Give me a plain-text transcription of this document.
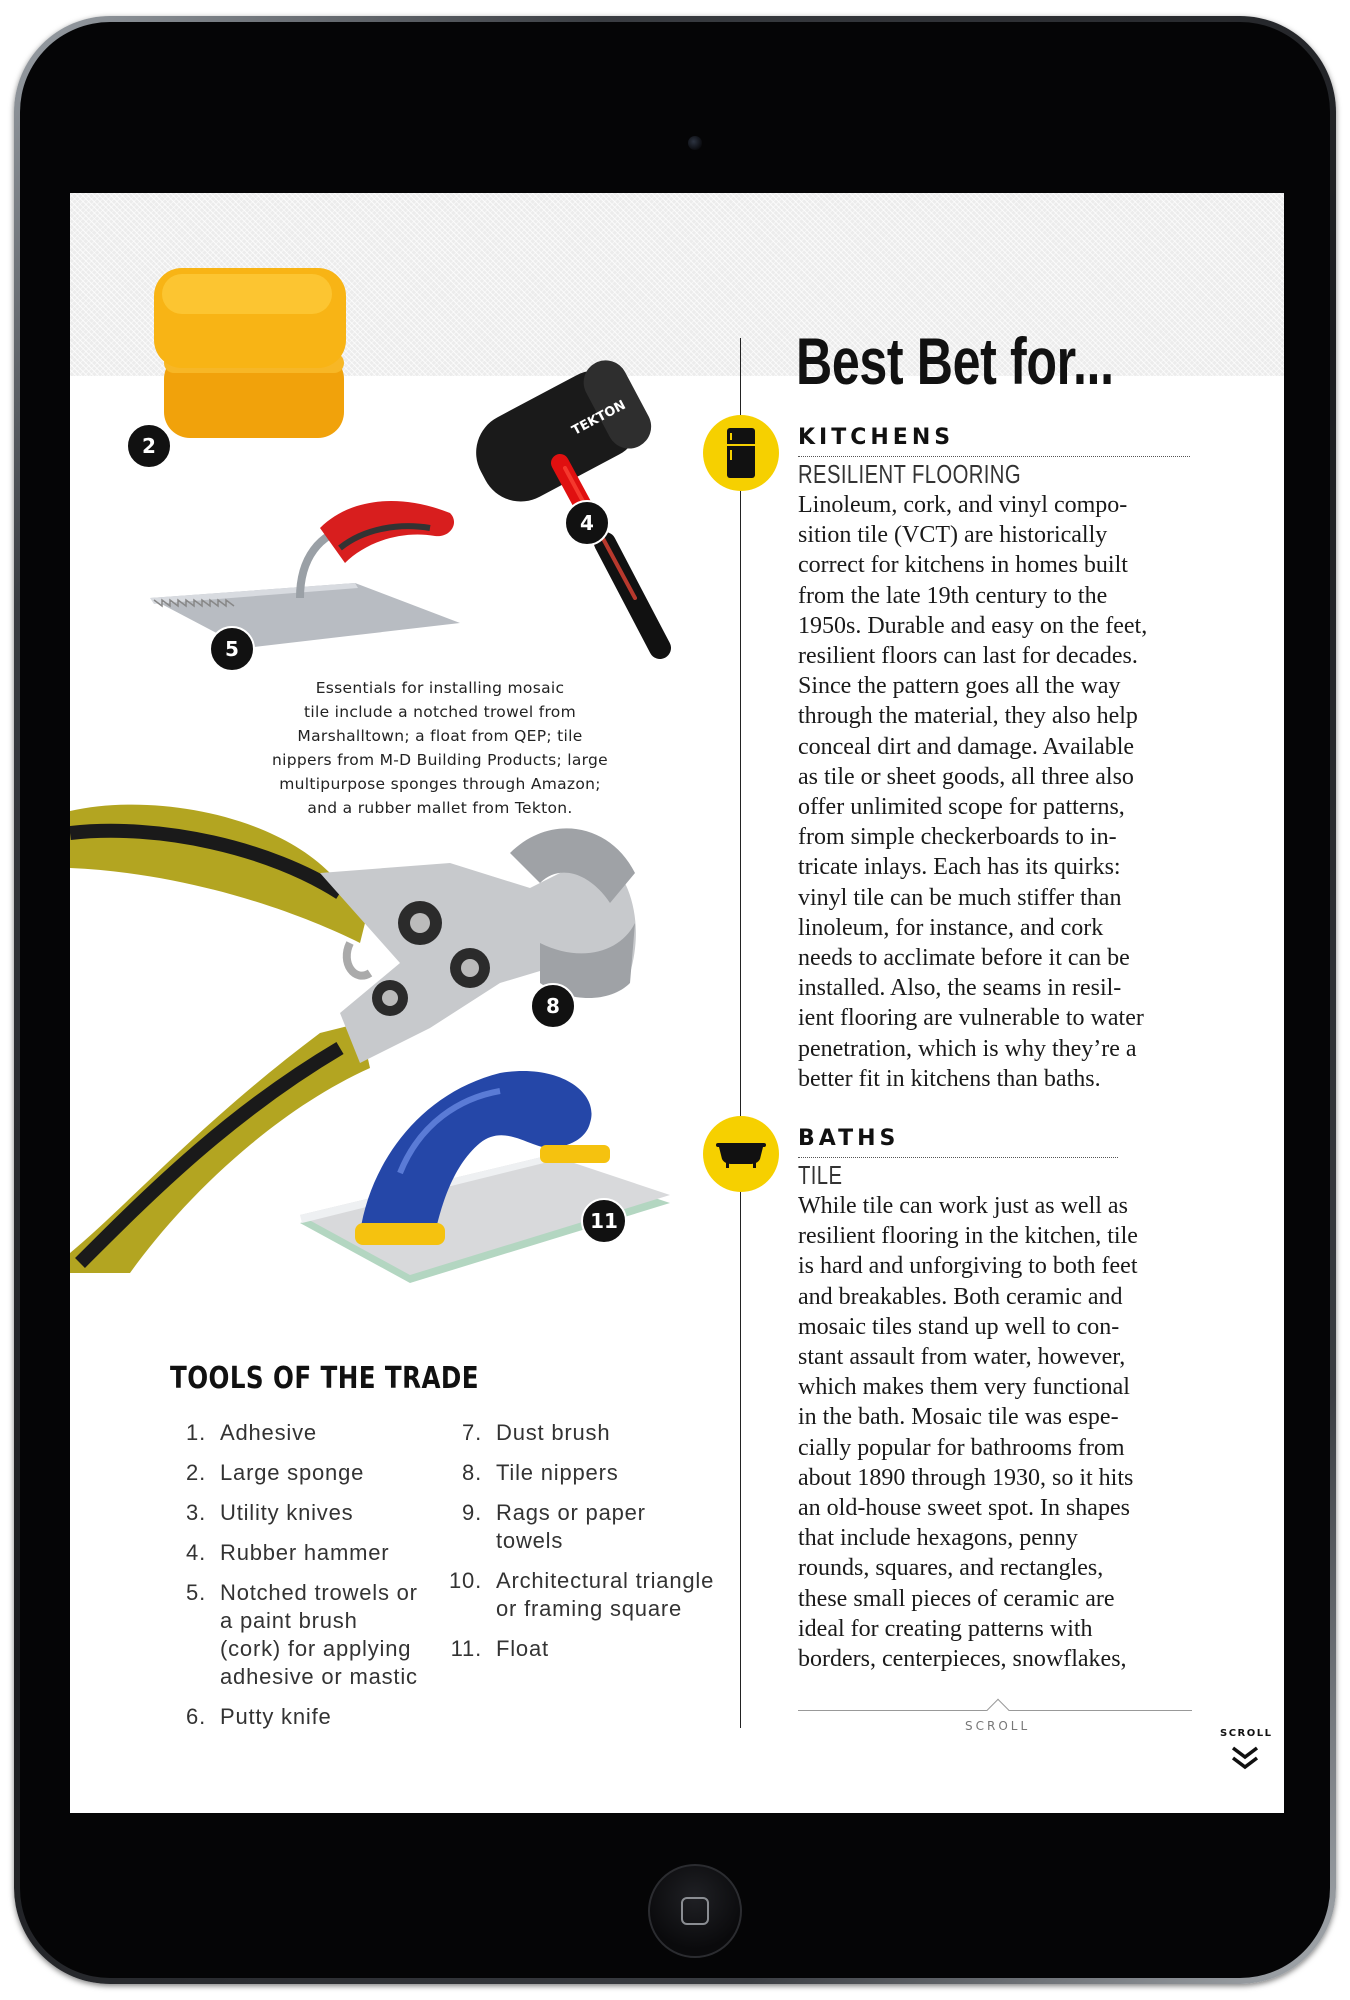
2
TEKTON
4
5
Essentials for installing mosaic
tile include a notched trowel from
Marshalltown; a float from QEP; tile
nippers from M-D Building Products; large
multipurpose sponges through Amazon;
and a rubber mallet from Tekton.
8
11
TOOLS OF THE TRADE
1. Adhesive
2. Large sponge
3. Utility knives
4. Rubber hammer
5. Notched trowels or a paint brush (cork) for applying adhesive or mastic
6. Putty knife
7. Dust brush
8. Tile nippers
9. Rags or paper towels
10. Architectural triangle or framing square
11. Float
Best Bet for...
KITCHENS
RESILIENT FLOORING
Linoleum, cork, and vinyl compo-
sition tile (VCT) are historically
correct for kitchens in homes built
from the late 19th century to the
1950s. Durable and easy on the feet,
resilient floors can last for decades.
Since the pattern goes all the way
through the material, they also help
conceal dirt and damage. Available
as tile or sheet goods, all three also
offer unlimited scope for patterns,
from simple checkerboards to in-
tricate inlays. Each has its quirks:
vinyl tile can be much stiffer than
linoleum, for instance, and cork
needs to acclimate before it can be
installed. Also, the seams in resil-
ient flooring are vulnerable to water
penetration, which is why they’re a
better fit in kitchens than baths.
BATHS
TILE
While tile can work just as well as
resilient flooring in the kitchen, tile
is hard and unforgiving to both feet
and breakables. Both ceramic and
mosaic tiles stand up well to con-
stant assault from water, however,
which makes them very functional
in the bath. Mosaic tile was espe-
cially popular for bathrooms from
about 1890 through 1930, so it hits
an old-house sweet spot. In shapes
that include hexagons, penny
rounds, squares, and rectangles,
these small pieces of ceramic are
ideal for creating patterns with
borders, centerpieces, snowflakes,
SCROLL
SCROLL
